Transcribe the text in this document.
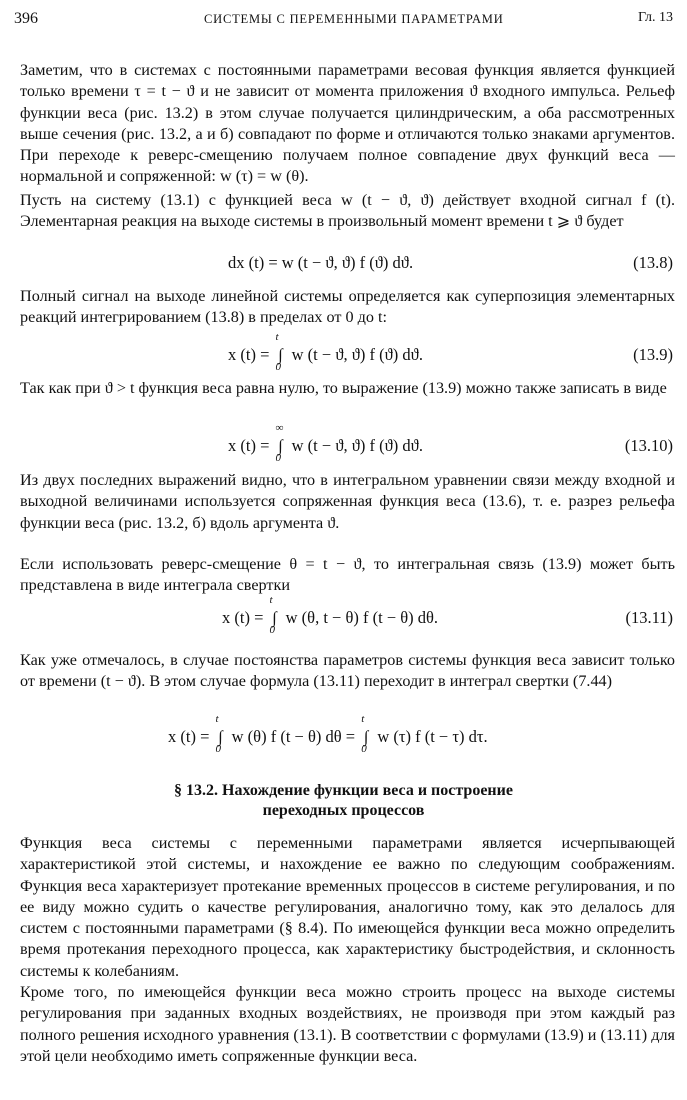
396	СИСТЕМЫ С ПЕРЕМЕННЫМИ ПАРАМЕТРАМИ	Гл. 13

Заметим, что в системах с постоянными параметрами весовая функция является функцией только времени τ = t − ϑ и не зависит от момента приложения ϑ входного импульса. Рельеф функции веса (рис. 13.2) в этом случае получается цилиндрическим, а оба рассмотренных выше сечения (рис. 13.2, а и б) совпадают по форме и отличаются только знаками аргументов. При переходе к реверс-смещению получаем полное совпадение двух функций веса — нормальной и сопряженной: w (τ) = w (θ).

Пусть на систему (13.1) с функцией веса w (t − ϑ, ϑ) действует входной сигнал f (t). Элементарная реакция на выходе системы в произвольный момент времени t ⩾ ϑ будет

dx (t) = w (t − ϑ, ϑ) f (ϑ) dϑ.	(13.8)

Полный сигнал на выходе линейной системы определяется как суперпозиция элементарных реакций интегрированием (13.8) в пределах от 0 до t:

x (t) = ∫
t
0
w (t − ϑ, ϑ) f (ϑ) dϑ.	(13.9)

Так как при ϑ > t функция веса равна нулю, то выражение (13.9) можно также записать в виде

x (t) = ∫
∞
0
w (t − ϑ, ϑ) f (ϑ) dϑ.	(13.10)

Из двух последних выражений видно, что в интегральном уравнении связи между входной и выходной величинами используется сопряженная функция веса (13.6), т. е. разрез рельефа функции веса (рис. 13.2, б) вдоль аргумента ϑ.

Если использовать реверс-смещение θ = t − ϑ, то интегральная связь (13.9) может быть представлена в виде интеграла свертки

x (t) = ∫
t
0
w (θ, t − θ) f (t − θ) dθ.	(13.11)

Как уже отмечалось, в случае постоянства параметров системы функция веса зависит только от времени (t − ϑ). В этом случае формула (13.11) переходит в интеграл свертки (7.44)

x (t) = ∫
t
0
w (θ) f (t − θ) dθ = ∫
t
0
w (τ) f (t − τ) dτ.
§ 13.2. Нахождение функции веса и построение
переходных процессов

Функция веса системы с переменными параметрами является исчерпывающей характеристикой этой системы, и нахождение ее важно по следующим соображениям. Функция веса характеризует протекание временных процессов в системе регулирования, и по ее виду можно судить о качестве регулирования, аналогично тому, как это делалось для систем с постоянными параметрами (§ 8.4). По имеющейся функции веса можно определить время протекания переходного процесса, как характеристику быстродействия, и склонность системы к колебаниям.

Кроме того, по имеющейся функции веса можно строить процесс на выходе системы регулирования при заданных входных воздействиях, не производя при этом каждый раз полного решения исходного уравнения (13.1). В соответствии с формулами (13.9) и (13.11) для этой цели необходимо иметь сопряженные функции веса.
